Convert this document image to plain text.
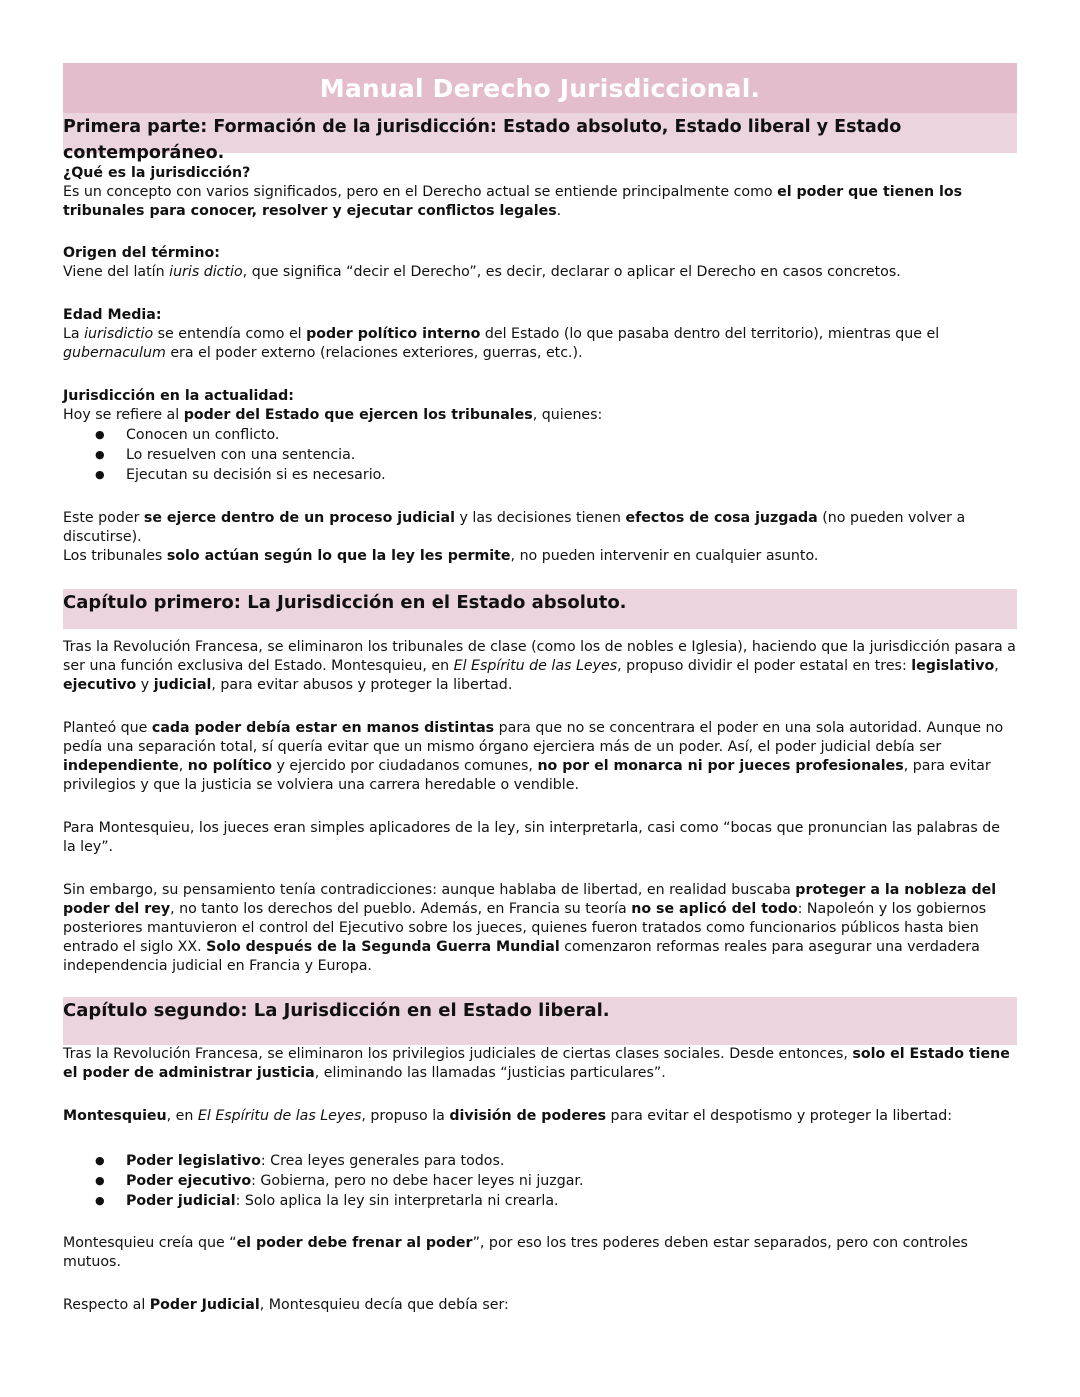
Manual Derecho Jurisdiccional.
Primera parte: Formación de la jurisdicción: Estado absoluto, Estado liberal y Estado contemporáneo.

¿Qué es la jurisdicción?

Es un concepto con varios significados, pero en el Derecho actual se entiende principalmente como el poder que tienen los tribunales para conocer, resolver y ejecutar conflictos legales.

Origen del término:

Viene del latín iuris dictio, que significa “decir el Derecho”, es decir, declarar o aplicar el Derecho en casos concretos.

Edad Media:

La iurisdictio se entendía como el poder político interno del Estado (lo que pasaba dentro del territorio), mientras que el gubernaculum era el poder externo (relaciones exteriores, guerras, etc.).

Jurisdicción en la actualidad:

Hoy se refiere al poder del Estado que ejercen los tribunales, quienes:

● Conocen un conflicto.
● Lo resuelven con una sentencia.
● Ejecutan su decisión si es necesario.

Este poder se ejerce dentro de un proceso judicial y las decisiones tienen efectos de cosa juzgada (no pueden volver a discutirse).

Los tribunales solo actúan según lo que la ley les permite, no pueden intervenir en cualquier asunto.

Capítulo primero: La Jurisdicción en el Estado absoluto.

Tras la Revolución Francesa, se eliminaron los tribunales de clase (como los de nobles e Iglesia), haciendo que la jurisdicción pasara a ser una función exclusiva del Estado. Montesquieu, en El Espíritu de las Leyes, propuso dividir el poder estatal en tres: legislativo, ejecutivo y judicial, para evitar abusos y proteger la libertad.

Planteó que cada poder debía estar en manos distintas para que no se concentrara el poder en una sola autoridad. Aunque no pedía una separación total, sí quería evitar que un mismo órgano ejerciera más de un poder. Así, el poder judicial debía ser independiente, no político y ejercido por ciudadanos comunes, no por el monarca ni por jueces profesionales, para evitar privilegios y que la justicia se volviera una carrera heredable o vendible.

Para Montesquieu, los jueces eran simples aplicadores de la ley, sin interpretarla, casi como “bocas que pronuncian las palabras de la ley”.

Sin embargo, su pensamiento tenía contradicciones: aunque hablaba de libertad, en realidad buscaba proteger a la nobleza del poder del rey, no tanto los derechos del pueblo. Además, en Francia su teoría no se aplicó del todo: Napoleón y los gobiernos posteriores mantuvieron el control del Ejecutivo sobre los jueces, quienes fueron tratados como funcionarios públicos hasta bien entrado el siglo XX. Solo después de la Segunda Guerra Mundial comenzaron reformas reales para asegurar una verdadera independencia judicial en Francia y Europa.

Capítulo segundo: La Jurisdicción en el Estado liberal.

Tras la Revolución Francesa, se eliminaron los privilegios judiciales de ciertas clases sociales. Desde entonces, solo el Estado tiene el poder de administrar justicia, eliminando las llamadas “justicias particulares”.

Montesquieu, en El Espíritu de las Leyes, propuso la división de poderes para evitar el despotismo y proteger la libertad:

● Poder legislativo: Crea leyes generales para todos.
● Poder ejecutivo: Gobierna, pero no debe hacer leyes ni juzgar.
● Poder judicial: Solo aplica la ley sin interpretarla ni crearla.

Montesquieu creía que “el poder debe frenar al poder”, por eso los tres poderes deben estar separados, pero con controles mutuos.

Respecto al Poder Judicial, Montesquieu decía que debía ser:
